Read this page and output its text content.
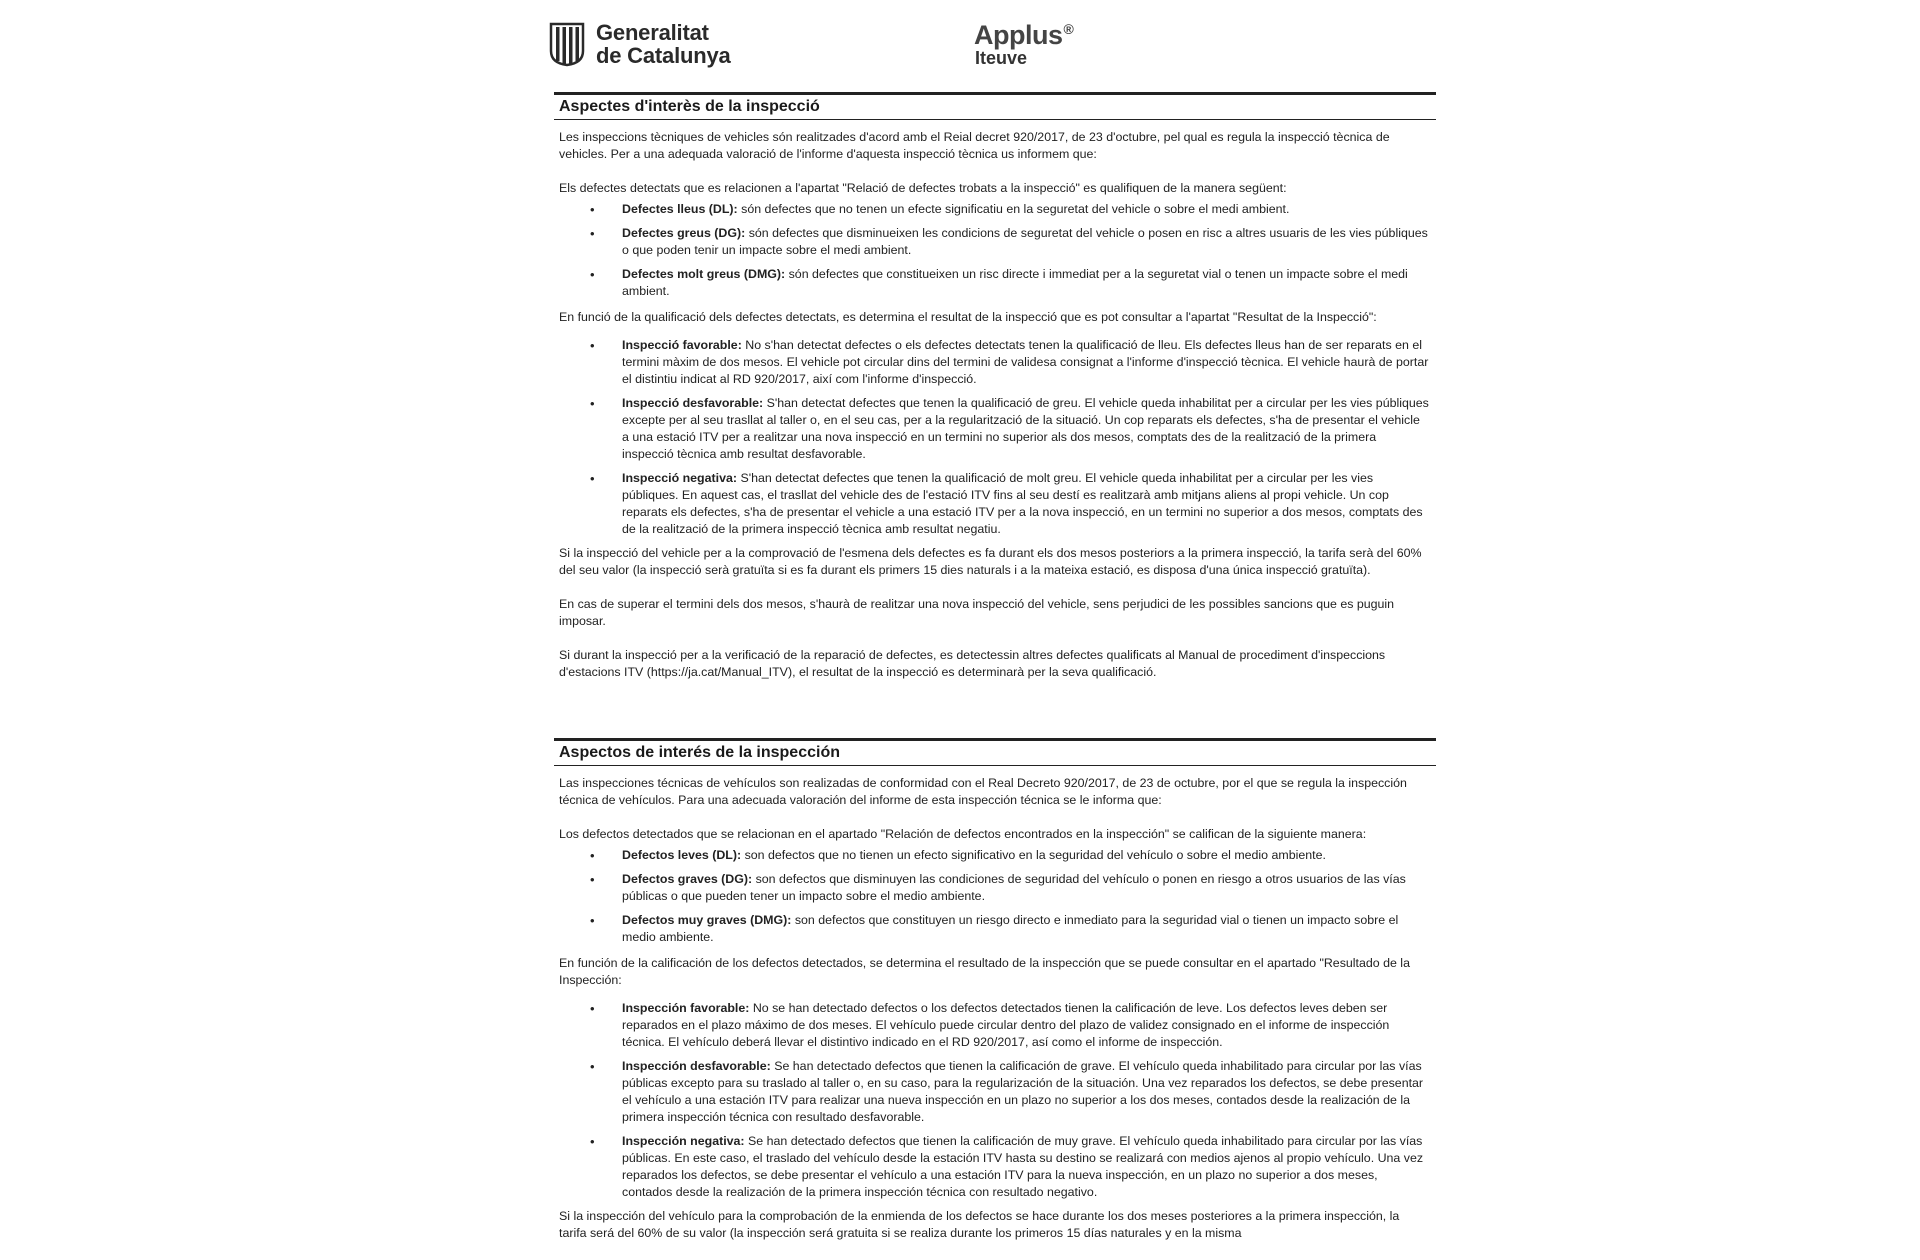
Generalitat
de Catalunya
Applus ®
Iteuve
Aspectes d'interès de la inspecció

Les inspeccions tècniques de vehicles són realitzades d'acord amb el Reial decret 920/2017, de 23 d'octubre, pel qual es regula la inspecció tècnica de vehicles. Per a una adequada valoració de l'informe d'aquesta inspecció tècnica us informem que:

Els defectes detectats que es relacionen a l'apartat "Relació de defectes trobats a la inspecció" es qualifiquen de la manera següent:

• Defectes lleus (DL): són defectes que no tenen un efecte significatiu en la seguretat del vehicle o sobre el medi ambient.
• Defectes greus (DG): són defectes que disminueixen les condicions de seguretat del vehicle o posen en risc a altres usuaris de les vies públiques o que poden tenir un impacte sobre el medi ambient.
• Defectes molt greus (DMG): són defectes que constitueixen un risc directe i immediat per a la seguretat vial o tenen un impacte sobre el medi ambient.

En funció de la qualificació dels defectes detectats, es determina el resultat de la inspecció que es pot consultar a l'apartat "Resultat de la Inspecció":

• Inspecció favorable: No s'han detectat defectes o els defectes detectats tenen la qualificació de lleu. Els defectes lleus han de ser reparats en el termini màxim de dos mesos. El vehicle pot circular dins del termini de validesa consignat a l'informe d'inspecció tècnica. El vehicle haurà de portar el distintiu indicat al RD 920/2017, així com l'informe d'inspecció.
• Inspecció desfavorable: S'han detectat defectes que tenen la qualificació de greu. El vehicle queda inhabilitat per a circular per les vies públiques excepte per al seu trasllat al taller o, en el seu cas, per a la regularització de la situació. Un cop reparats els defectes, s'ha de presentar el vehicle a una estació ITV per a realitzar una nova inspecció en un termini no superior als dos mesos, comptats des de la realització de la primera inspecció tècnica amb resultat desfavorable.
• Inspecció negativa: S'han detectat defectes que tenen la qualificació de molt greu. El vehicle queda inhabilitat per a circular per les vies públiques. En aquest cas, el trasllat del vehicle des de l'estació ITV fins al seu destí es realitzarà amb mitjans aliens al propi vehicle. Un cop reparats els defectes, s'ha de presentar el vehicle a una estació ITV per a la nova inspecció, en un termini no superior a dos mesos, comptats des de la realització de la primera inspecció tècnica amb resultat negatiu.

Si la inspecció del vehicle per a la comprovació de l'esmena dels defectes es fa durant els dos mesos posteriors a la primera inspecció, la tarifa serà del 60% del seu valor (la inspecció serà gratuïta si es fa durant els primers 15 dies naturals i a la mateixa estació, es disposa d'una única inspecció gratuïta).

En cas de superar el termini dels dos mesos, s'haurà de realitzar una nova inspecció del vehicle, sens perjudici de les possibles sancions que es puguin imposar.

Si durant la inspecció per a la verificació de la reparació de defectes, es detectessin altres defectes qualificats al Manual de procediment d'inspeccions d'estacions ITV (https://ja.cat/Manual_ITV), el resultat de la inspecció es determinarà per la seva qualificació.

Aspectos de interés de la inspección

Las inspecciones técnicas de vehículos son realizadas de conformidad con el Real Decreto 920/2017, de 23 de octubre, por el que se regula la inspección técnica de vehículos. Para una adecuada valoración del informe de esta inspección técnica se le informa que:

Los defectos detectados que se relacionan en el apartado "Relación de defectos encontrados en la inspección" se califican de la siguiente manera:

• Defectos leves (DL): son defectos que no tienen un efecto significativo en la seguridad del vehículo o sobre el medio ambiente.
• Defectos graves (DG): son defectos que disminuyen las condiciones de seguridad del vehículo o ponen en riesgo a otros usuarios de las vías públicas o que pueden tener un impacto sobre el medio ambiente.
• Defectos muy graves (DMG): son defectos que constituyen un riesgo directo e inmediato para la seguridad vial o tienen un impacto sobre el medio ambiente.

En función de la calificación de los defectos detectados, se determina el resultado de la inspección que se puede consultar en el apartado "Resultado de la Inspección:

• Inspección favorable: No se han detectado defectos o los defectos detectados tienen la calificación de leve. Los defectos leves deben ser reparados en el plazo máximo de dos meses. El vehículo puede circular dentro del plazo de validez consignado en el informe de inspección técnica. El vehículo deberá llevar el distintivo indicado en el RD 920/2017, así como el informe de inspección.
• Inspección desfavorable: Se han detectado defectos que tienen la calificación de grave. El vehículo queda inhabilitado para circular por las vías públicas excepto para su traslado al taller o, en su caso, para la regularización de la situación. Una vez reparados los defectos, se debe presentar el vehículo a una estación ITV para realizar una nueva inspección en un plazo no superior a los dos meses, contados desde la realización de la primera inspección técnica con resultado desfavorable.
• Inspección negativa: Se han detectado defectos que tienen la calificación de muy grave. El vehículo queda inhabilitado para circular por las vías públicas. En este caso, el traslado del vehículo desde la estación ITV hasta su destino se realizará con medios ajenos al propio vehículo. Una vez reparados los defectos, se debe presentar el vehículo a una estación ITV para la nueva inspección, en un plazo no superior a dos meses, contados desde la realización de la primera inspección técnica con resultado negativo.

Si la inspección del vehículo para la comprobación de la enmienda de los defectos se hace durante los dos meses posteriores a la primera inspección, la tarifa será del 60% de su valor (la inspección será gratuita si se realiza durante los primeros 15 días naturales y en la misma
